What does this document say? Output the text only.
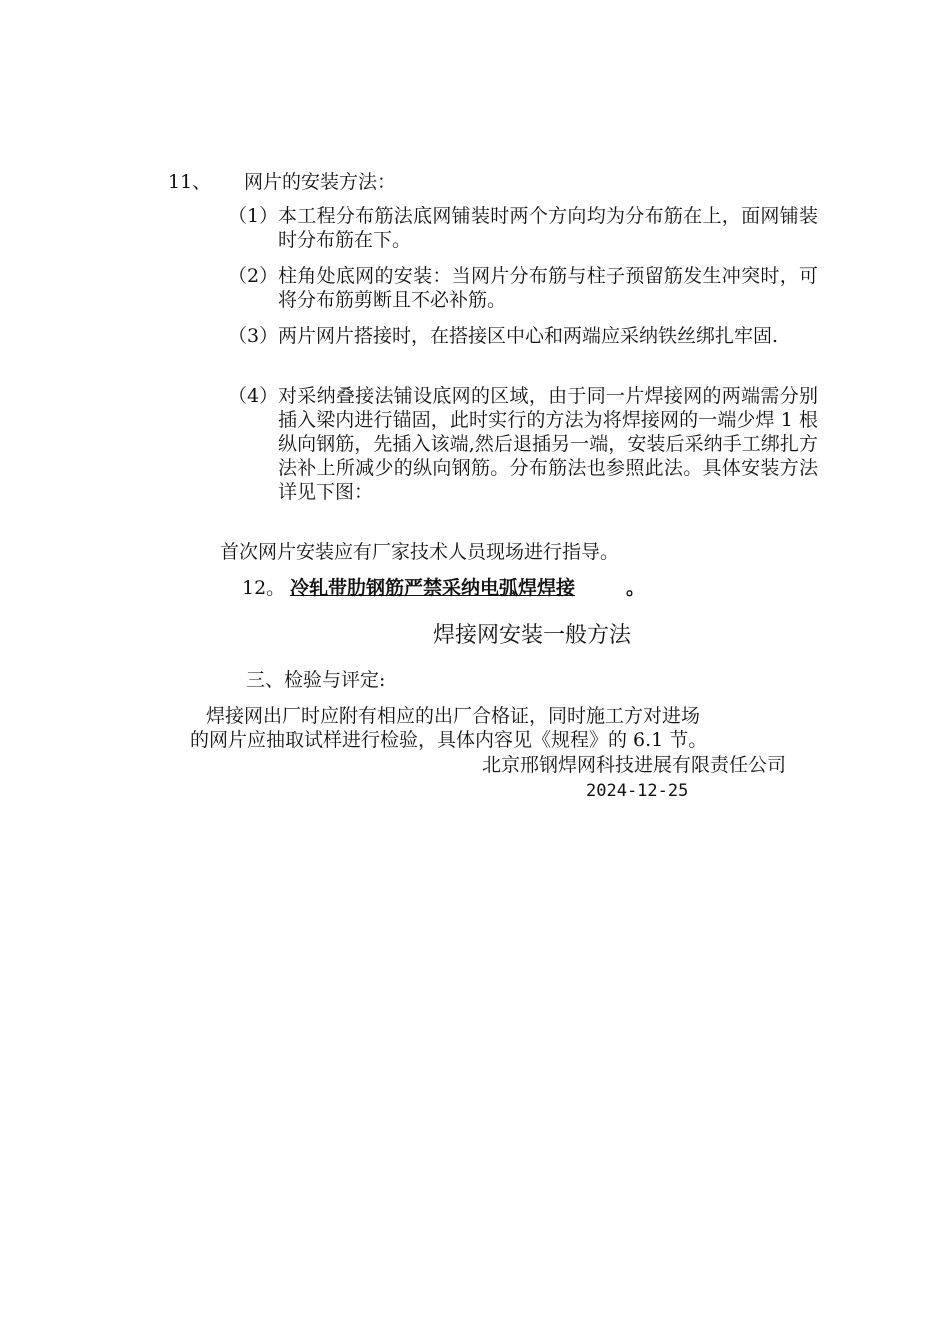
11、 网片的安装方法：

（1） 本工程分布筋法底网铺装时两个方向均为分布筋在上，面网铺装时分布筋在下。
（2） 柱角处底网的安装：当网片分布筋与柱子预留筋发生冲突时，可将分布筋剪断且不必补筋。
（3） 两片网片搭接时，在搭接区中心和两端应采纳铁丝绑扎牢固.
（4） 对采纳叠接法铺设底网的区域，由于同一片焊接网的两端需分别插入梁内进行锚固，此时实行的方法为将焊接网的一端少焊 1 根纵向钢筋，先插入该端,然后退插另一端，安装后采纳手工绑扎方法补上所减少的纵向钢筋。分布筋法也参照此法。具体安装方法详见下图：

首次网片安装应有厂家技术人员现场进行指导。

12。 冷轧带肋钢筋严禁采纳电弧焊焊接	。

焊接网安装一般方法

三、检验与评定:

焊接网出厂时应附有相应的出厂合格证，同时施工方对进场

的网片应抽取试样进行检验，具体内容见《规程》的 6.1 节。

北京邢钢焊网科技进展有限责任公司

2024-12-25
